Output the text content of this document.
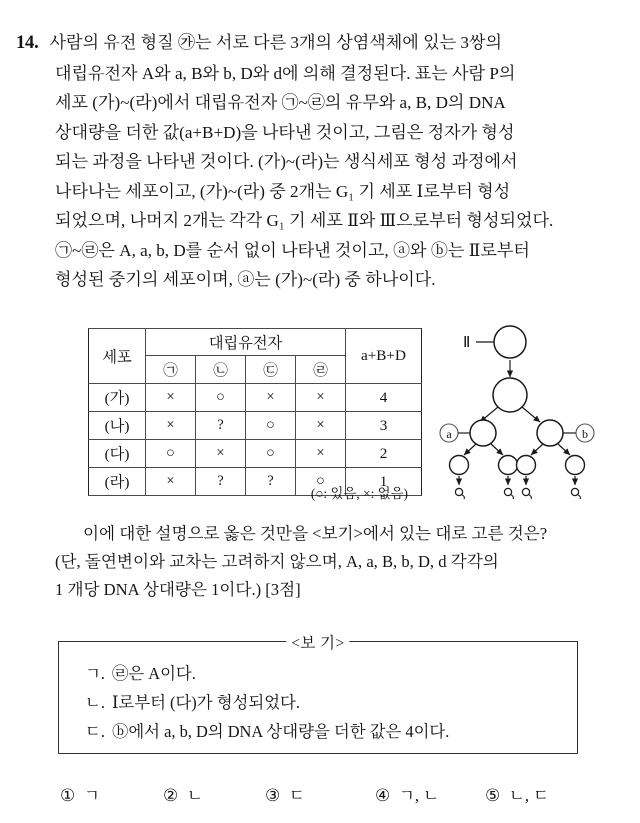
14. 사람의 유전 형질 ㉮는 서로 다른 3개의 상염색체에 있는 3쌍의
대립유전자 A와 a, B와 b, D와 d에 의해 결정된다. 표는 사람 P의
세포 (가)~(라)에서 대립유전자 ㉠~㉣의 유무와 a, B, D의 DNA
상대량을 더한 값(a+B+D)을 나타낸 것이고, 그림은 정자가 형성
되는 과정을 나타낸 것이다. (가)~(라)는 생식세포 형성 과정에서
나타나는 세포이고, (가)~(라) 중 2개는 G₁ 기 세포 Ⅰ로부터 형성
되었으며, 나머지 2개는 각각 G₁ 기 세포 Ⅱ와 Ⅲ으로부터 형성되었다.
㉠~㉣은 A, a, b, D를 순서 없이 나타낸 것이고, ⓐ와 ⓑ는 Ⅱ로부터
형성된 중기의 세포이며, ⓐ는 (가)~(라) 중 하나이다.
세포	대립유전자				a+B+D
	㉠	㉡	㉢	㉣	
(가)	×	○	×	×	4
(나)	×	?	○	×	3
(다)	○	×	○	×	2
(라)	×	?	?	○	1
(○: 있음, ×: 없음)
Ⅱ
a	b
이에 대한 설명으로 옳은 것만을 <보기>에서 있는 대로 고른 것은?
(단, 돌연변이와 교차는 고려하지 않으며, A, a, B, b, D, d 각각의
1 개당 DNA 상대량은 1이다.) [3점]
<보 기>
ㄱ. ㉣은 A이다.
ㄴ. Ⅰ로부터 (다)가 형성되었다.
ㄷ. ⓑ에서 a, b, D의 DNA 상대량을 더한 값은 4이다.
① ㄱ	② ㄴ	③ ㄷ	④ ㄱ, ㄴ	⑤ ㄴ, ㄷ
